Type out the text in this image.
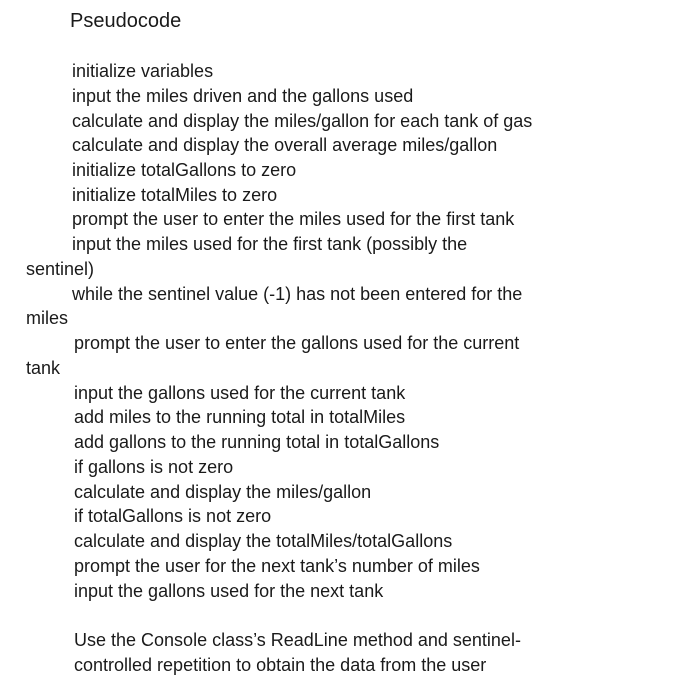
Pseudocode
initialize variables
input the miles driven and the gallons used
calculate and display the miles/gallon for each tank of gas
calculate and display the overall average miles/gallon
initialize totalGallons to zero
initialize totalMiles to zero
prompt the user to enter the miles used for the first tank
input the miles used for the first tank (possibly the
sentinel)
while the sentinel value (-1) has not been entered for the
miles
prompt the user to enter the gallons used for the current
tank
input the gallons used for the current tank
add miles to the running total in totalMiles
add gallons to the running total in totalGallons
if gallons is not zero
calculate and display the miles/gallon
if totalGallons is not zero
calculate and display the totalMiles/totalGallons
prompt the user for the next tank’s number of miles
input the gallons used for the next tank
Use the Console class’s ReadLine method and sentinel-
controlled repetition to obtain the data from the user
